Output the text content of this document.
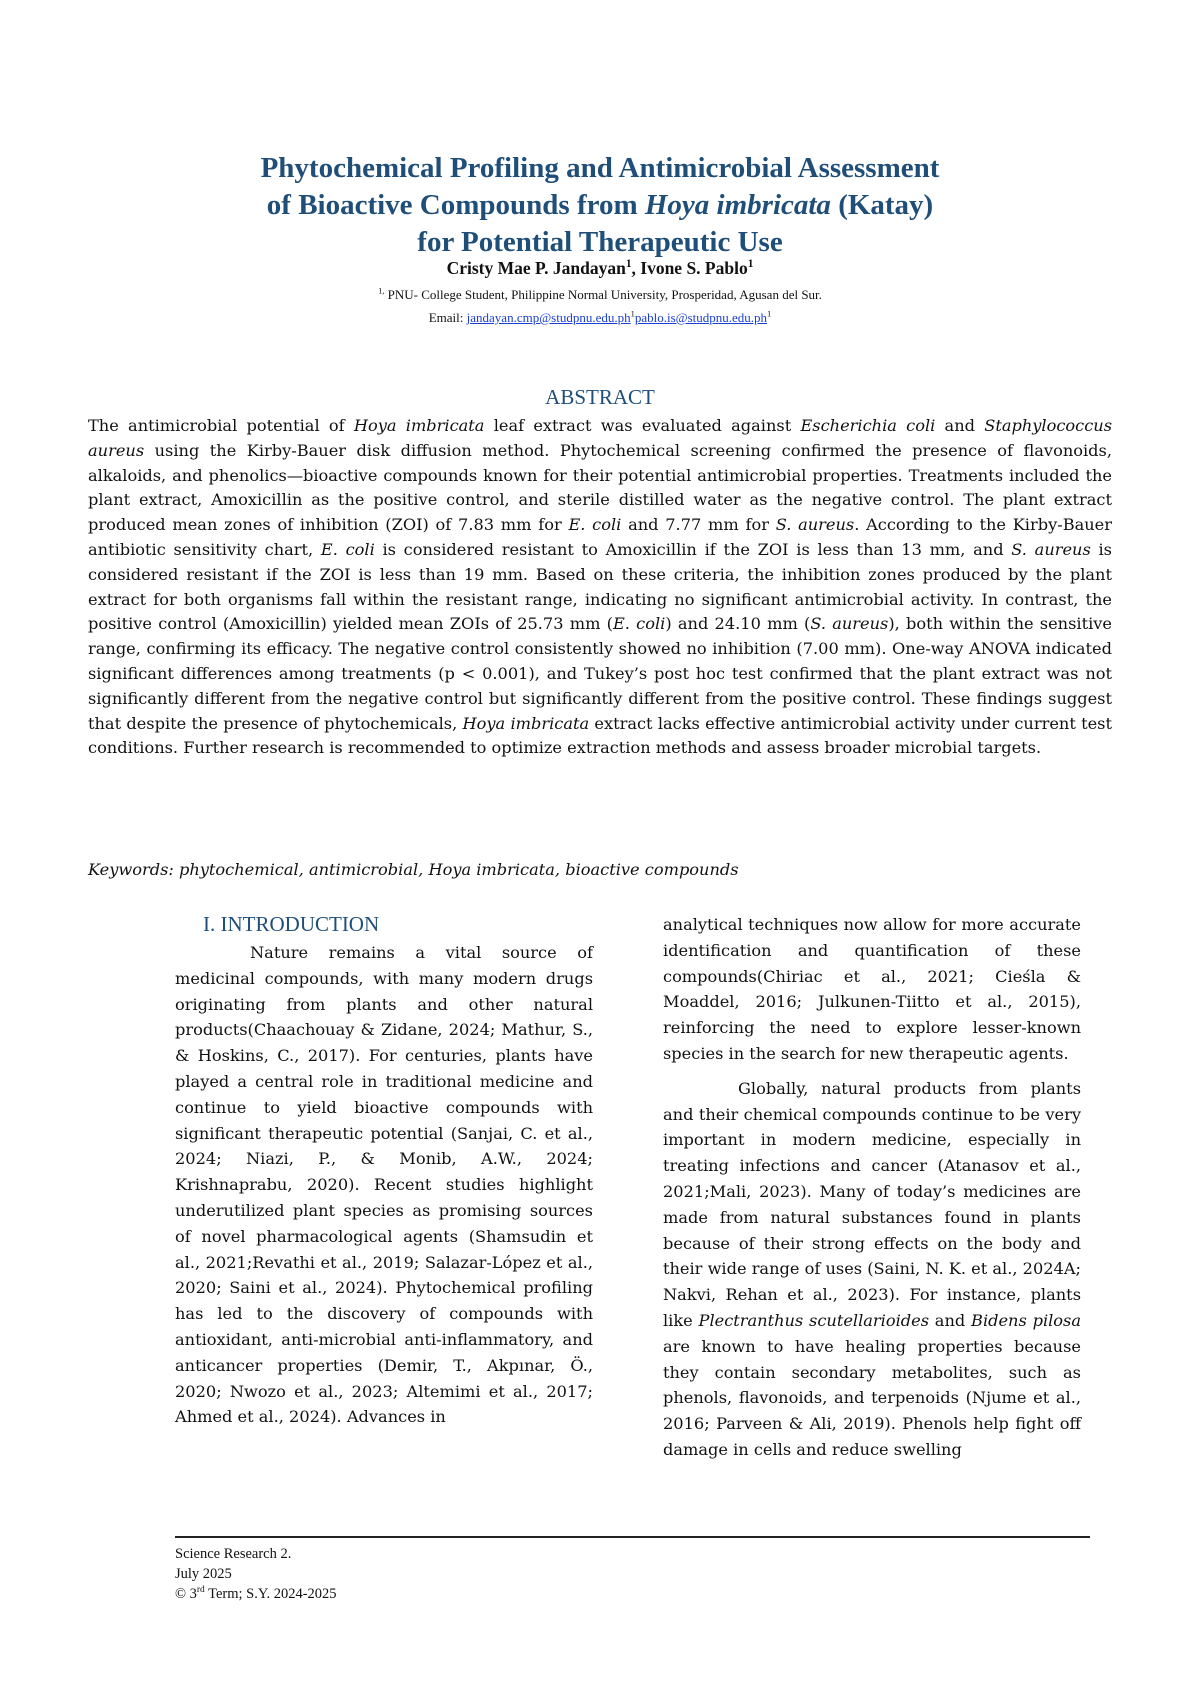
Phytochemical Profiling and Antimicrobial Assessment
of Bioactive Compounds from Hoya imbricata (Katay)
for Potential Therapeutic Use
Cristy Mae P. Jandayan$^1$, Ivone S. Pablo$^1$
$^{1,}$ PNU- College Student, Philippine Normal University, Prosperidad, Agusan del Sur.
Email: $jandayan.cmp@studpnu.edu.ph^1pablo.is@studpnu.edu.ph^1$
ABSTRACT
The antimicrobial potential of Hoya imbricata leaf extract was evaluated against Escherichia coli and Staphylococcus aureus using the Kirby-Bauer disk diffusion method. Phytochemical screening confirmed the presence of flavonoids, alkaloids, and phenolics—bioactive compounds known for their potential antimicrobial properties. Treatments included the plant extract, Amoxicillin as the positive control, and sterile distilled water as the negative control. The plant extract produced mean zones of inhibition (ZOI) of 7.83 mm for E. coli and 7.77 mm for S. aureus. According to the Kirby-Bauer antibiotic sensitivity chart, E. coli is considered resistant to Amoxicillin if the ZOI is less than 13 mm, and S. aureus is considered resistant if the ZOI is less than 19 mm. Based on these criteria, the inhibition zones produced by the plant extract for both organisms fall within the resistant range, indicating no significant antimicrobial activity. In contrast, the positive control (Amoxicillin) yielded mean ZOIs of 25.73 mm (E. coli) and 24.10 mm (S. aureus), both within the sensitive range, confirming its efficacy. The negative control consistently showed no inhibition (7.00 mm). One-way ANOVA indicated significant differences among treatments (p < 0.001), and Tukey’s post hoc test confirmed that the plant extract was not significantly different from the negative control but significantly different from the positive control. These findings suggest that despite the presence of phytochemicals, Hoya imbricata extract lacks effective antimicrobial activity under current test conditions. Further research is recommended to optimize extraction methods and assess broader microbial targets.
Keywords: phytochemical, antimicrobial, Hoya imbricata, bioactive compounds
I. INTRODUCTION

Nature remains a vital source of medicinal compounds, with many modern drugs originating from plants and other natural products(Chaachouay & Zidane, 2024; Mathur, S., & Hoskins, C., 2017). For centuries, plants have played a central role in traditional medicine and continue to yield bioactive compounds with significant therapeutic potential (Sanjai, C. et al., 2024; Niazi, P., & Monib, A.W., 2024; Krishnaprabu, 2020). Recent studies highlight underutilized plant species as promising sources of novel pharmacological agents (Shamsudin et al., 2021;Revathi et al., 2019; Salazar-López et al., 2020; Saini et al., 2024). Phytochemical profiling has led to the discovery of compounds with antioxidant, anti-microbial anti-inflammatory, and anticancer properties (Demir, T., Akpınar, Ö., 2020; Nwozo et al., 2023; Altemimi et al., 2017; Ahmed et al., 2024). Advances in

analytical techniques now allow for more accurate identification and quantification of these compounds(Chiriac et al., 2021; Cieśla & Moaddel, 2016; Julkunen-Tiitto et al., 2015), reinforcing the need to explore lesser-known species in the search for new therapeutic agents.

Globally, natural products from plants and their chemical compounds continue to be very important in modern medicine, especially in treating infections and cancer (Atanasov et al., 2021;Mali, 2023). Many of today’s medicines are made from natural substances found in plants because of their strong effects on the body and their wide range of uses (Saini, N. K. et al., 2024A; Nakvi, Rehan et al., 2023). For instance, plants like Plectranthus scutellarioides and Bidens pilosa are known to have healing properties because they contain secondary metabolites, such as phenols, flavonoids, and terpenoids (Njume et al., 2016; Parveen & Ali, 2019). Phenols help fight off damage in cells and reduce swelling

Science Research 2.
July 2025
© 3rd Term; S.Y. 2024-2025
